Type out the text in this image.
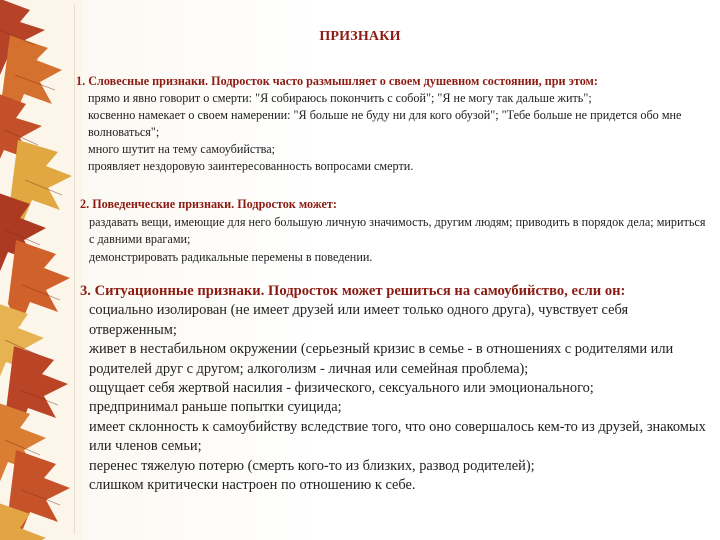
ПРИЗНАКИ
1. Словесные признаки. Подросток часто размышляет о своем душевном состоянии, при этом:
прямо и явно говорит о смерти: "Я собираюсь покончить с собой"; "Я не могу так дальше жить";
косвенно намекает о своем намерении: "Я больше не буду ни для кого обузой"; "Тебе больше не придется обо мне волноваться";
много шутит на тему самоубийства;
проявляет нездоровую заинтересованность вопросами смерти.
2. Поведенческие признаки. Подросток может:
раздавать вещи, имеющие для него большую личную значимость, другим людям; приводить в порядок дела; мириться с давними врагами;
демонстрировать радикальные перемены в поведении.
3. Ситуационные признаки. Подросток может решиться на самоубийство, если он:
социально изолирован (не имеет друзей или имеет только одного друга), чувствует себя отверженным;
живет в нестабильном окружении (серьезный кризис в семье - в отношениях с родителями или родителей друг с другом; алкоголизм - личная или семейная проблема);
ощущает себя жертвой насилия - физического, сексуального или эмоционального;
предпринимал раньше попытки суицида;
имеет склонность к самоубийству вследствие того, что оно совершалось кем-то из друзей, знакомых или членов семьи;
перенес тяжелую потерю (смерть кого-то из близких, развод родителей);
слишком критически настроен по отношению к себе.
